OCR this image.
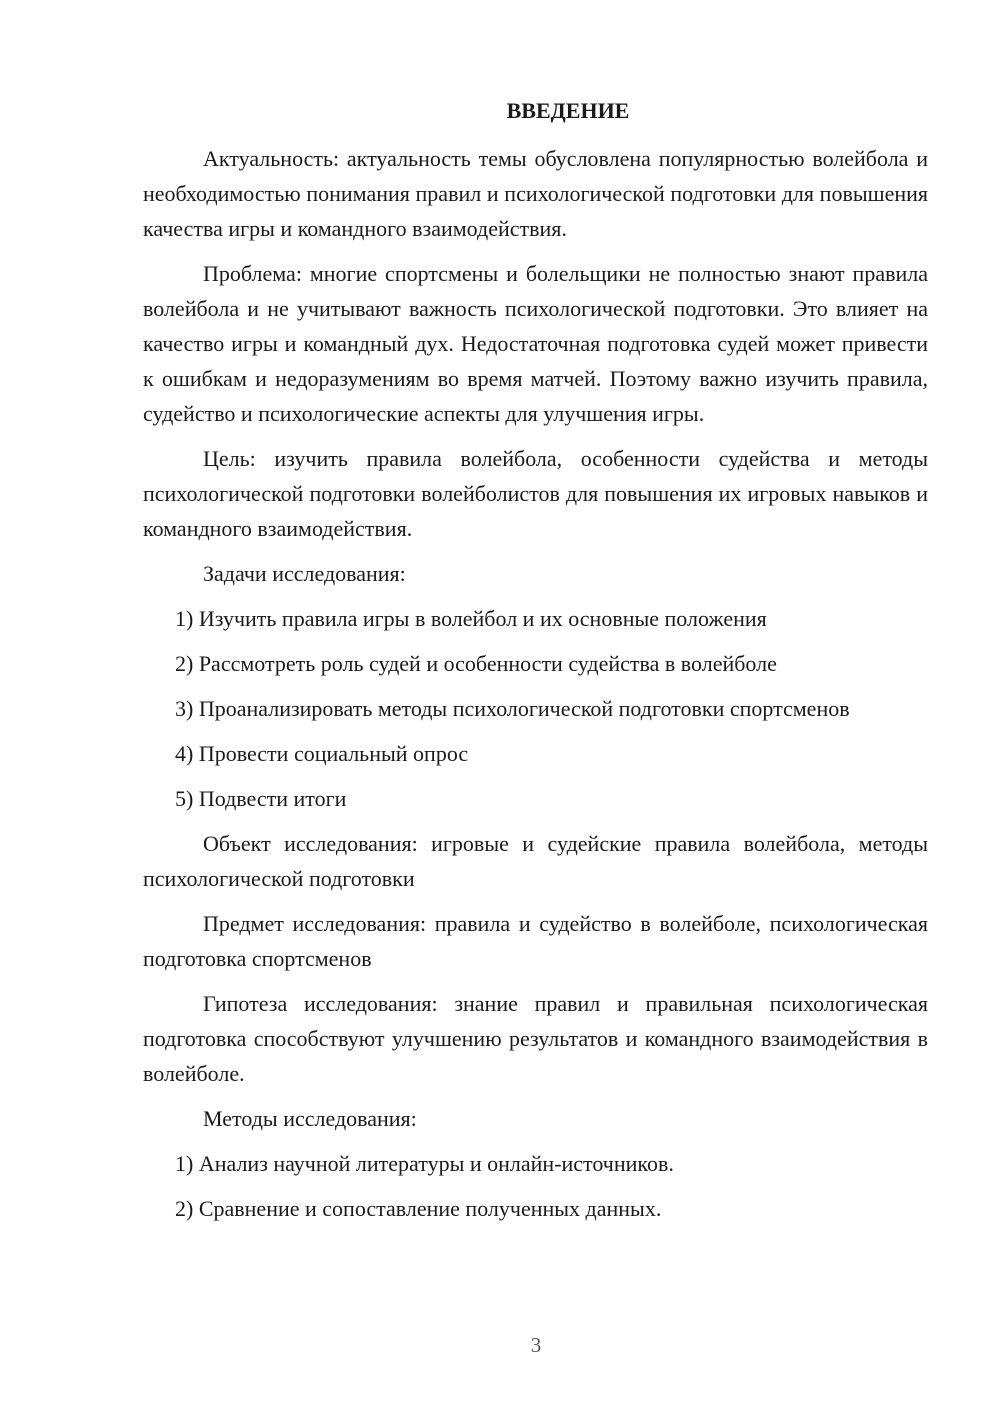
ВВЕДЕНИЕ

Актуальность: актуальность темы обусловлена популярностью волейбола и необходимостью понимания правил и психологической подготовки для повышения качества игры и командного взаимодействия.

Проблема: многие спортсмены и болельщики не полностью знают правила волейбола и не учитывают важность психологической подготовки. Это влияет на качество игры и командный дух. Недостаточная подготовка судей может привести к ошибкам и недоразумениям во время матчей. Поэтому важно изучить правила, судейство и психологические аспекты для улучшения игры.

Цель: изучить правила волейбола, особенности судейства и методы психологической подготовки волейболистов для повышения их игровых навыков и командного взаимодействия.

Задачи исследования:

1) Изучить правила игры в волейбол и их основные положения

2) Рассмотреть роль судей и особенности судейства в волейболе

3) Проанализировать методы психологической подготовки спортсменов

4) Провести социальный опрос

5) Подвести итоги

Объект исследования: игровые и судейские правила волейбола, методы психологической подготовки

Предмет исследования: правила и судейство в волейболе, психологическая подготовка спортсменов

Гипотеза исследования: знание правил и правильная психологическая подготовка способствуют улучшению результатов и командного взаимодействия в волейболе.

Методы исследования:

1) Анализ научной литературы и онлайн-источников.

2) Сравнение и сопоставление полученных данных.

3
